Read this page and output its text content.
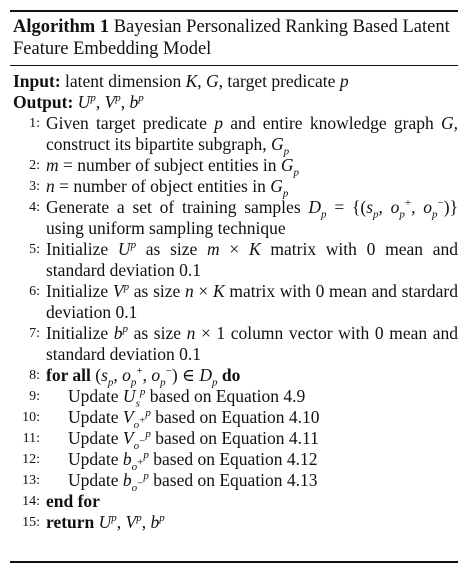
Algorithm 1 Bayesian Personalized Ranking Based Latent Feature Embedding Model
Input: latent dimension K, G, target predicate p
Output: $U^p$, $V^p$, $b^p$
1: Given target predicate p and entire knowledge graph G, construct its bipartite subgraph, $G_p$
2: m = number of subject entities in $G_p$
3: n = number of object entities in $G_p$
4: Generate a set of training samples $D_p = \{(s_p$, $o_p^+$, $o_p^-$)} using uniform sampling technique
5: Initialize $U^p$ as size m × K matrix with 0 mean and standard deviation 0.1
6: Initialize $V^p$ as size n × K matrix with 0 mean and stardard deviation 0.1
7: Initialize $b^p$ as size n × 1 column vector with 0 mean and standard deviation 0.1
8: for all ($s_p$, $o_p^+$, $o_p^-$) ∈ $D_p$ do
9:	Update $U_s^p$ based on Equation 4.9
10:	Update $V_{o^+}^p$ based on Equation 4.10
11:	Update $V_{o^-}^p$ based on Equation 4.11
12:	Update $b_{o^+}^p$ based on Equation 4.12
13:	Update $b_{o^-}^p$ based on Equation 4.13
14: end for
15: return $U^p$, $V^p$, $b^p$
